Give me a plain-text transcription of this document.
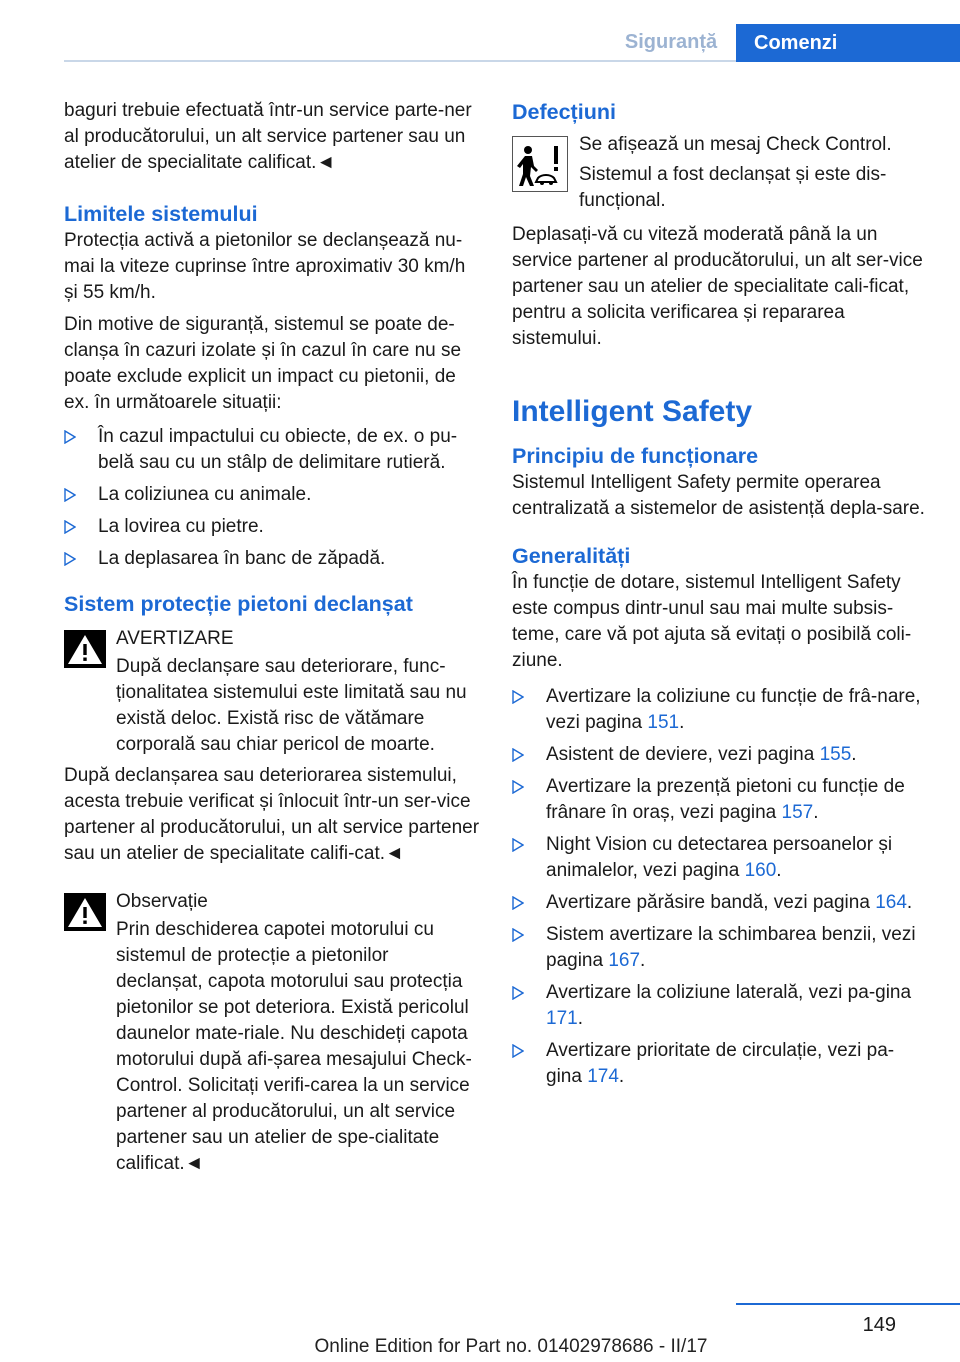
Siguranță	Comenzi

baguri trebuie efectuată într-un service parte-ner al producătorului, un alt service partener sau un atelier de specialitate calificat.◄

Limitele sistemului

Protecția activă a pietonilor se declanșează nu-mai la viteze cuprinse între aproximativ 30 km/h și 55 km/h.

Din motive de siguranță, sistemul se poate de-clanșa în cazuri izolate și în cazul în care nu se poate exclude explicit un impact cu pietonii, de ex. în următoarele situații:

În cazul impactului cu obiecte, de ex. o pu-belă sau cu un stâlp de delimitare rutieră.
La coliziunea cu animale.
La lovirea cu pietre.
La deplasarea în banc de zăpadă.
Sistem protecție pietoni declanșat

AVERTIZARE

După declanșare sau deteriorare, func-ționalitatea sistemului este limitată sau nu există deloc. Există risc de vătămare corporală sau chiar pericol de moarte.

După declanșarea sau deteriorarea sistemului, acesta trebuie verificat și înlocuit într-un ser-vice partener al producătorului, un alt service partener sau un atelier de specialitate califi-cat.◄

Observație

Prin deschiderea capotei motorului cu sistemul de protecție a pietonilor declanșat, capota motorului sau protecția pietonilor se pot deteriora. Există pericolul daunelor mate-riale. Nu deschideți capota motorului după afi-șarea mesajului Check-Control. Solicitați verifi-carea la un service partener al producătorului, un alt service partener sau un atelier de spe-cialitate calificat.◄

Defecțiuni

Se afișează un mesaj Check Control.

Sistemul a fost declanșat și este dis-funcțional.

Deplasați-vă cu viteză moderată până la un service partener al producătorului, un alt ser-vice partener sau un atelier de specialitate cali-ficat, pentru a solicita verificarea și repararea sistemului.

Intelligent Safety
Principiu de funcționare

Sistemul Intelligent Safety permite operarea centralizată a sistemelor de asistență depla-sare.

Generalități

În funcție de dotare, sistemul Intelligent Safety este compus dintr-unul sau mai multe subsis-teme, care vă pot ajuta să evitați o posibilă coli-ziune.

Avertizare la coliziune cu funcție de frâ-nare, vezi pagina 151.
Asistent de deviere, vezi pagina 155.
Avertizare la prezență pietoni cu funcție de frânare în oraș, vezi pagina 157.
Night Vision cu detectarea persoanelor și animalelor, vezi pagina 160.
Avertizare părăsire bandă, vezi pagina 164.
Sistem avertizare la schimbarea benzii, vezi pagina 167.
Avertizare la coliziune laterală, vezi pa-gina 171.
Avertizare prioritate de circulație, vezi pa-gina 174.
149
Online Edition for Part no. 01402978686 - II/17
